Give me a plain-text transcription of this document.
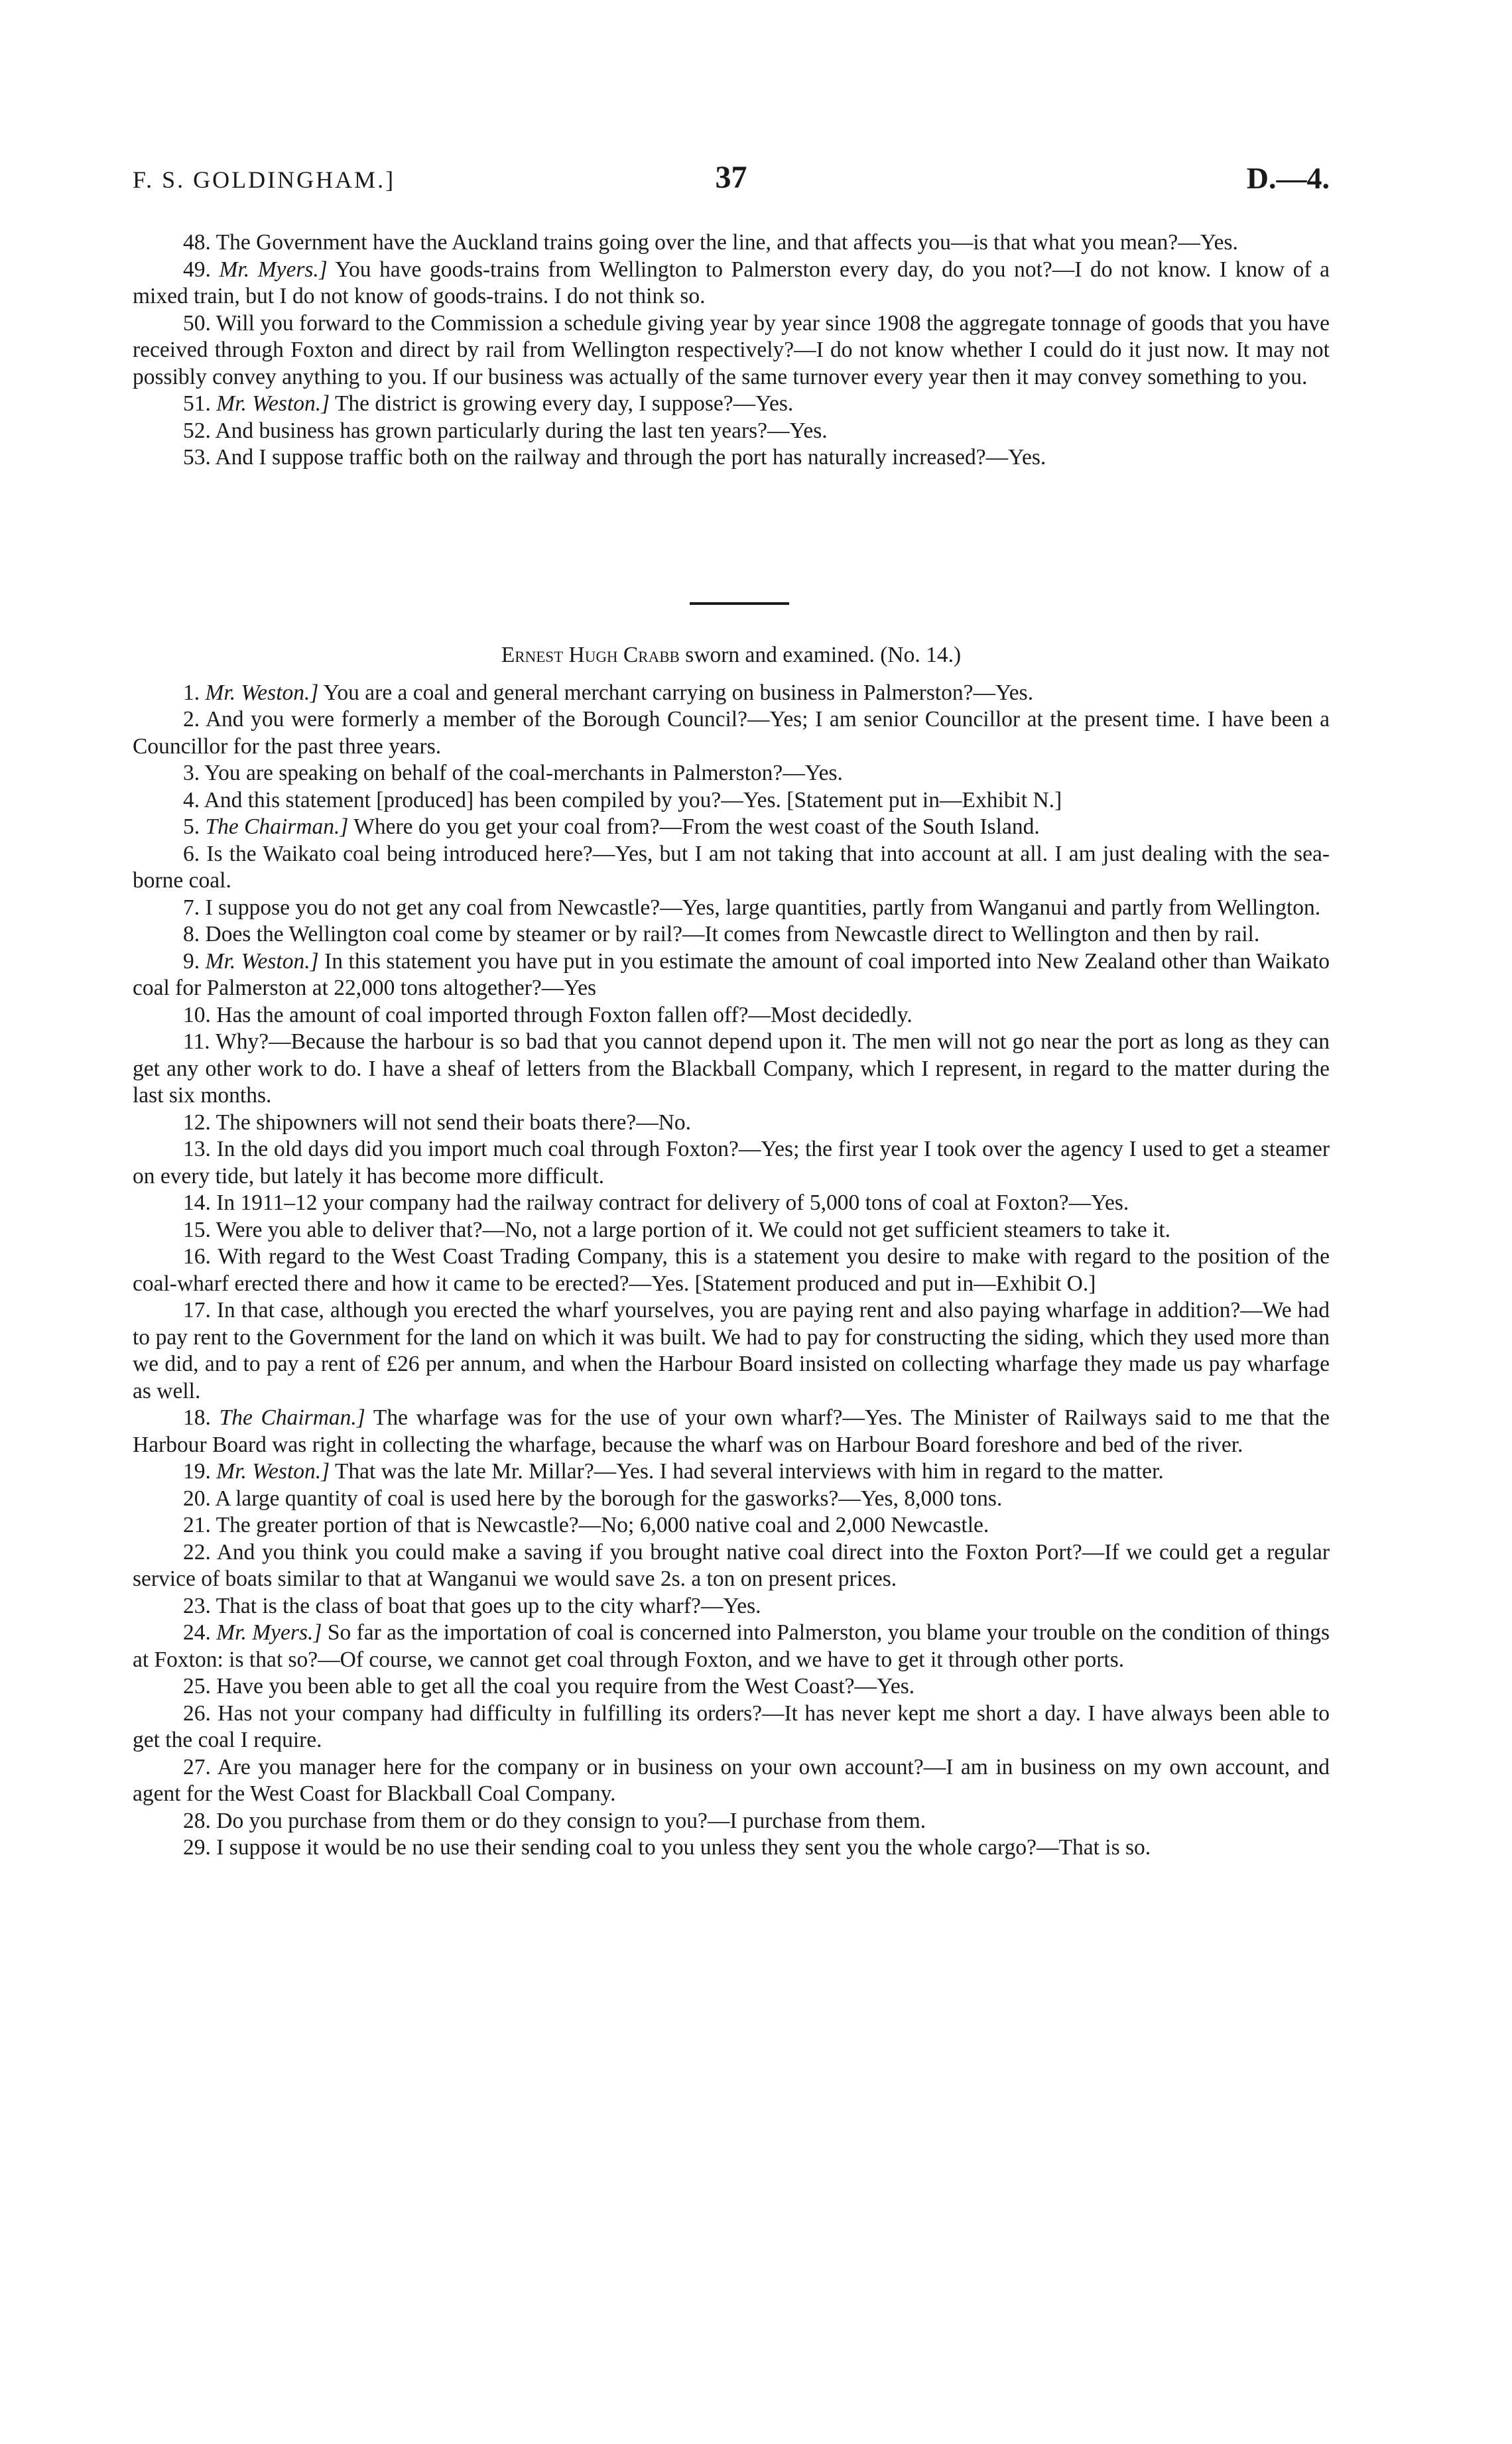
F. S. GOLDINGHAM.]	37	D.—4.

48. The Government have the Auckland trains going over the line, and that affects you—is that what you mean?—Yes.

49. Mr. Myers.] You have goods-trains from Wellington to Palmerston every day, do you not?—I do not know. I know of a mixed train, but I do not know of goods-trains. I do not think so.

50. Will you forward to the Commission a schedule giving year by year since 1908 the aggregate tonnage of goods that you have received through Foxton and direct by rail from Wellington respectively?—I do not know whether I could do it just now. It may not possibly convey anything to you. If our business was actually of the same turnover every year then it may convey something to you.

51. Mr. Weston.] The district is growing every day, I suppose?—Yes.

52. And business has grown particularly during the last ten years?—Yes.

53. And I suppose traffic both on the railway and through the port has naturally increased?—Yes.

Ernest Hugh Crabb sworn and examined. (No. 14.)

1. Mr. Weston.] You are a coal and general merchant carrying on business in Palmerston?—Yes.

2. And you were formerly a member of the Borough Council?—Yes; I am senior Councillor at the present time. I have been a Councillor for the past three years.

3. You are speaking on behalf of the coal-merchants in Palmerston?—Yes.

4. And this statement [produced] has been compiled by you?—Yes. [Statement put in—Exhibit N.]

5. The Chairman.] Where do you get your coal from?—From the west coast of the South Island.

6. Is the Waikato coal being introduced here?—Yes, but I am not taking that into account at all. I am just dealing with the sea-borne coal.

7. I suppose you do not get any coal from Newcastle?—Yes, large quantities, partly from Wanganui and partly from Wellington.

8. Does the Wellington coal come by steamer or by rail?—It comes from Newcastle direct to Wellington and then by rail.

9. Mr. Weston.] In this statement you have put in you estimate the amount of coal imported into New Zealand other than Waikato coal for Palmerston at 22,000 tons altogether?—Yes

10. Has the amount of coal imported through Foxton fallen off?—Most decidedly.

11. Why?—Because the harbour is so bad that you cannot depend upon it. The men will not go near the port as long as they can get any other work to do. I have a sheaf of letters from the Blackball Company, which I represent, in regard to the matter during the last six months.

12. The shipowners will not send their boats there?—No.

13. In the old days did you import much coal through Foxton?—Yes; the first year I took over the agency I used to get a steamer on every tide, but lately it has become more difficult.

14. In 1911–12 your company had the railway contract for delivery of 5,000 tons of coal at Foxton?—Yes.

15. Were you able to deliver that?—No, not a large portion of it. We could not get sufficient steamers to take it.

16. With regard to the West Coast Trading Company, this is a statement you desire to make with regard to the position of the coal-wharf erected there and how it came to be erected?—Yes. [Statement produced and put in—Exhibit O.]

17. In that case, although you erected the wharf yourselves, you are paying rent and also paying wharfage in addition?—We had to pay rent to the Government for the land on which it was built. We had to pay for constructing the siding, which they used more than we did, and to pay a rent of £26 per annum, and when the Harbour Board insisted on collecting wharfage they made us pay wharfage as well.

18. The Chairman.] The wharfage was for the use of your own wharf?—Yes. The Minister of Railways said to me that the Harbour Board was right in collecting the wharfage, because the wharf was on Harbour Board foreshore and bed of the river.

19. Mr. Weston.] That was the late Mr. Millar?—Yes. I had several interviews with him in regard to the matter.

20. A large quantity of coal is used here by the borough for the gasworks?—Yes, 8,000 tons.

21. The greater portion of that is Newcastle?—No; 6,000 native coal and 2,000 Newcastle.

22. And you think you could make a saving if you brought native coal direct into the Foxton Port?—If we could get a regular service of boats similar to that at Wanganui we would save 2s. a ton on present prices.

23. That is the class of boat that goes up to the city wharf?—Yes.

24. Mr. Myers.] So far as the importation of coal is concerned into Palmerston, you blame your trouble on the condition of things at Foxton: is that so?—Of course, we cannot get coal through Foxton, and we have to get it through other ports.

25. Have you been able to get all the coal you require from the West Coast?—Yes.

26. Has not your company had difficulty in fulfilling its orders?—It has never kept me short a day. I have always been able to get the coal I require.

27. Are you manager here for the company or in business on your own account?—I am in business on my own account, and agent for the West Coast for Blackball Coal Company.

28. Do you purchase from them or do they consign to you?—I purchase from them.

29. I suppose it would be no use their sending coal to you unless they sent you the whole cargo?—That is so.
